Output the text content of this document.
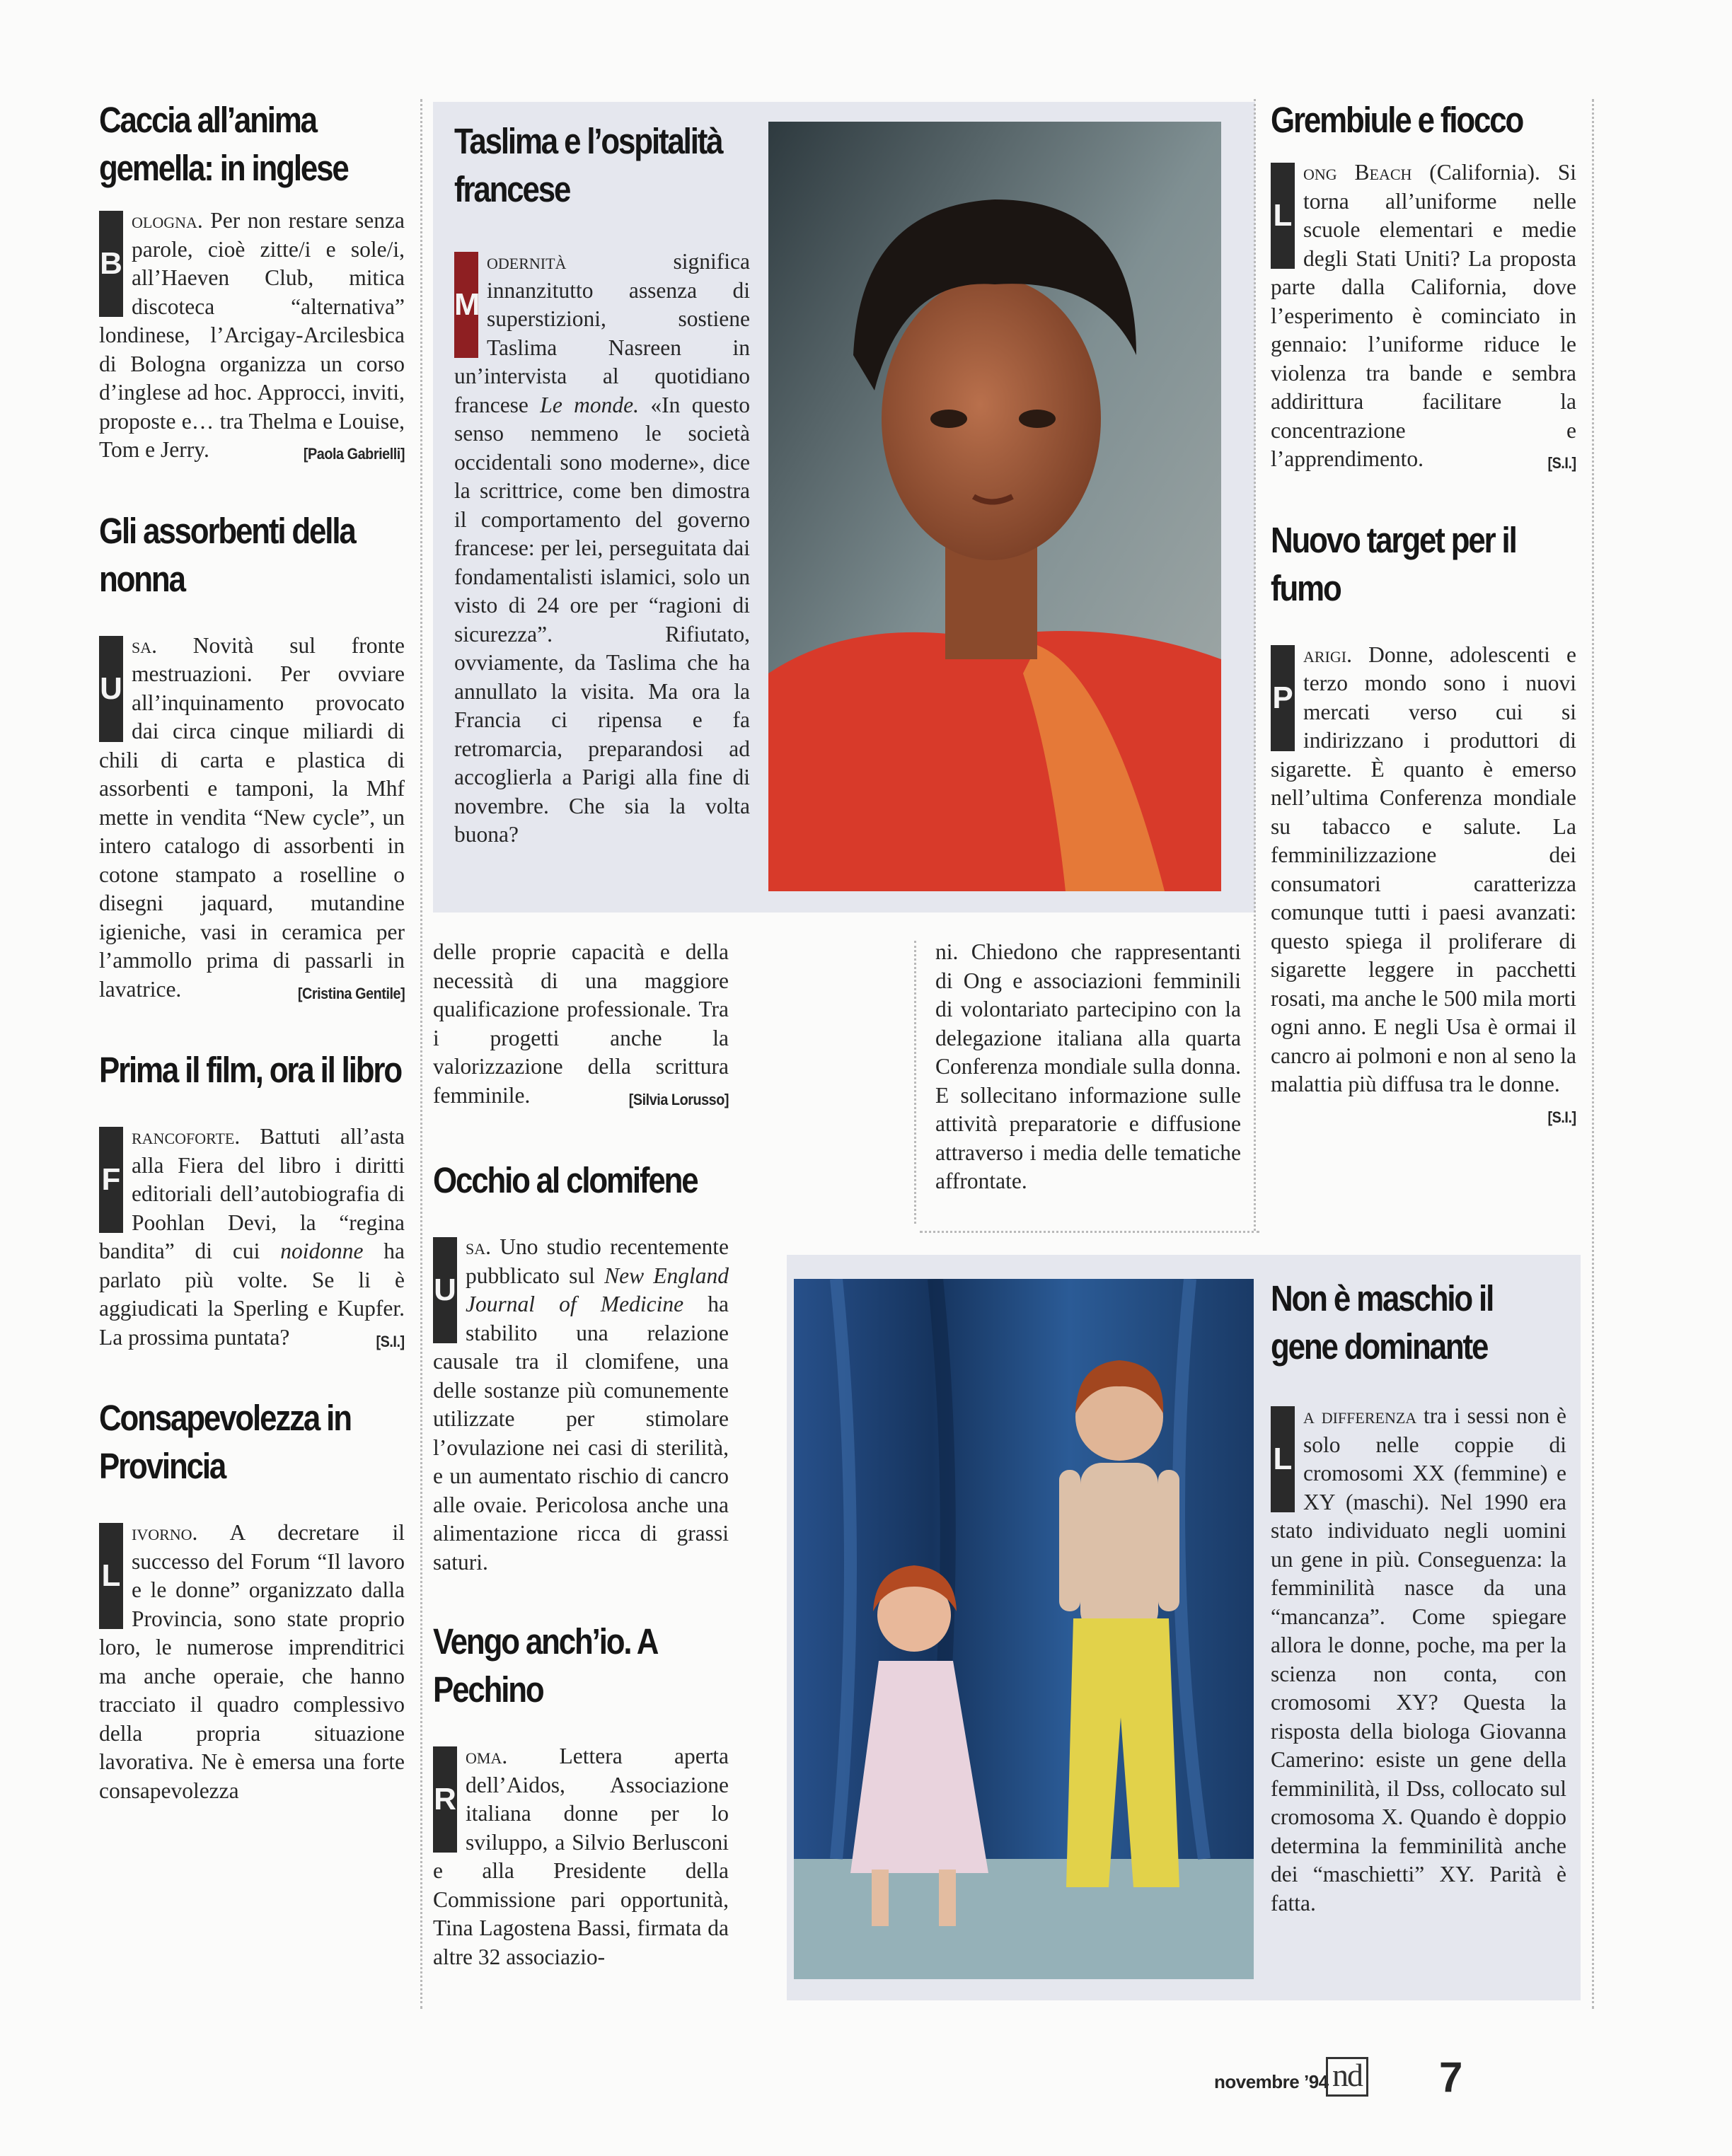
Caccia all’anima gemella: in inglese

B
ologna. Per non restare senza parole, cioè zitte/i e sole/i, all’Haeven Club, mitica discoteca “alternativa” londinese, l’Arcigay-Arcilesbica di Bologna organizza un corso d’inglese ad hoc. Approcci, inviti, proposte e… tra Thelma e Louise, Tom e Jerry.	[Paola Gabrielli]

Gli assorbenti della nonna

U
sa. Novità sul fronte mestruazioni. Per ovviare all’inquinamento provocato dai circa cinque miliardi di chili di carta e plastica di assorbenti e tamponi, la Mhf mette in vendita “New cycle”, un intero catalogo di assorbenti in cotone stampato a roselline o disegni jaquard, mutandine igieniche, vasi in ceramica per l’ammollo prima di passarli in lavatrice.	[Cristina Gentile]

Prima il film, ora il libro

F
rancoforte. Battuti all’asta alla Fiera del libro i diritti editoriali dell’autobiografia di Poohlan Devi, la “regina bandita” di cui noidonne ha parlato più volte. Se li è aggiudicati la Sperling e Kupfer. La prossima puntata?	[S.I.]

Consapevolezza in Provincia

L
ivorno. A decretare il successo del Forum “Il lavoro e le donne” organizzato dalla Provincia, sono state proprio loro, le numerose imprenditrici ma anche operaie, che hanno tracciato il quadro complessivo della propria situazione lavorativa. Ne è emersa una forte consapevolezza

Taslima e l’ospitalità francese

M
odernità significa innanzitutto assenza di superstizioni, sostiene Taslima Nasreen in un’intervista al quotidiano francese Le monde. «In questo senso nemmeno le società occidentali sono moderne», dice la scrittrice, come ben dimostra il comportamento del governo francese: per lei, perseguitata dai fondamentalisti islamici, solo un visto di 24 ore per “ragioni di sicurezza”. Rifiutato, ovviamente, da Taslima che ha annullato la visita. Ma ora la Francia ci ripensa e fa retromarcia, preparandosi ad accoglierla a Parigi alla fine di novembre. Che sia la volta buona?

delle proprie capacità e della necessità di una maggiore qualificazione professionale. Tra i progetti anche la valorizzazione della scrittura femminile.	[Silvia Lorusso]

Occhio al clomifene

U
sa. Uno studio recentemente pubblicato sul New England Journal of Medicine ha stabilito una relazione causale tra il clomifene, una delle sostanze più comunemente utilizzate per stimolare l’ovulazione nei casi di sterilità, e un aumentato rischio di cancro alle ovaie. Pericolosa anche una alimentazione ricca di grassi saturi.

Vengo anch’io. A Pechino

R
oma. Lettera aperta dell’Aidos, Associazione italiana donne per lo sviluppo, a Silvio Berlusconi e alla Presidente della Commissione pari opportunità, Tina Lagostena Bassi, firmata da altre 32 associazio-

ni. Chiedono che rappresentanti di Ong e associazioni femminili di volontariato partecipino con la delegazione italiana alla quarta Conferenza mondiale sulla donna. E sollecitano informazione sulle attività preparatorie e diffusione attraverso i media delle tematiche affrontate.

Grembiule e fiocco

L
ong Beach (California). Si torna all’uniforme nelle scuole elementari e medie degli Stati Uniti? La proposta parte dalla California, dove l’esperimento è cominciato in gennaio: l’uniforme riduce le violenza tra bande e sembra addirittura facilitare la concentrazione e l’apprendimento.	[S.I.]

Nuovo target per il fumo

P
arigi. Donne, adolescenti e terzo mondo sono i nuovi mercati verso cui si indirizzano i produttori di sigarette. È quanto è emerso nell’ultima Conferenza mondiale su tabacco e salute. La femminilizzazione dei consumatori caratterizza comunque tutti i paesi avanzati: questo spiega il proliferare di sigarette leggere in pacchetti rosati, ma anche le 500 mila morti ogni anno. E negli Usa è ormai il cancro ai polmoni e non al seno la malattia più diffusa tra le donne.
[S.I.]

Non è maschio il gene dominante

L
a differenza tra i sessi non è solo nelle coppie di cromosomi XX (femmine) e XY (maschi). Nel 1990 era stato individuato negli uomini un gene in più. Conseguenza: la femminilità nasce da una “mancanza”. Come spiegare allora le donne, poche, ma per la scienza non conta, con cromosomi XY? Questa la risposta della biologa Giovanna Camerino: esiste un gene della femminilità, il Dss, collocato sul cromosoma X. Quando è doppio determina la femminilità anche dei “maschietti” XY. Parità è fatta.

novembre ’94 nd 7
